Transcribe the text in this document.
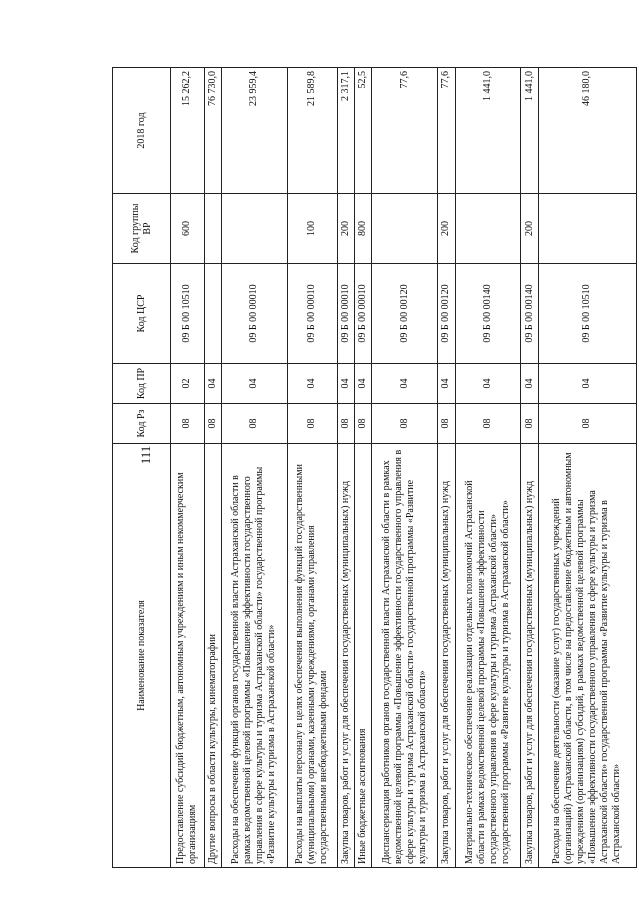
111
Наименование показателя	Код Рз	Код ПР	Код ЦСР	Код группы ВР	2018 год
Предоставление субсидий бюджетным, автономным учреждениям и иным некоммерческим организациям	08	02	09 Б 00 10510	600	15 262,2
Другие вопросы в области культуры, кинематографии	08	04			76 730,0
Расходы на обеспечение функций органов государственной власти Астраханской области в рамках ведомственной целевой программы «Повышение эффективности государственного управления в сфере культуры и туризма Астраханской области» государственной программы «Развитие культуры и туризма в Астраханской области»	08	04	09 Б 00 00010		23 959,4
Расходы на выплаты персоналу в целях обеспечения выполнения функций государственными (муниципальными) органами, казенными учреждениями, органами управления государственными внебюджетными фондами	08	04	09 Б 00 00010	100	21 589,8
Закупка товаров, работ и услуг для обеспечения государственных (муниципальных) нужд	08	04	09 Б 00 00010	200	2 317,1
Иные бюджетные ассигнования	08	04	09 Б 00 00010	800	52,5
Диспансеризация работников органов государственной власти Астраханской области в рамках ведомственной целевой программы «Повышение эффективности государственного управления в сфере культуры и туризма Астраханской области» государственной программы «Развитие культуры и туризма в Астраханской области»	08	04	09 Б 00 00120		77,6
Закупка товаров, работ и услуг для обеспечения государственных (муниципальных) нужд	08	04	09 Б 00 00120	200	77,6
Материально-техническое обеспечение реализации отдельных полномочий Астраханской области в рамках ведомственной целевой программы «Повышение эффективности государственного управления в сфере культуры и туризма Астраханской области» государственной программы «Развитие культуры и туризма в Астраханской области»	08	04	09 Б 00 00140		1 441,0
Закупка товаров, работ и услуг для обеспечения государственных (муниципальных) нужд	08	04	09 Б 00 00140	200	1 441,0
Расходы на обеспечение деятельности (оказание услуг) государственных учреждений (организаций) Астраханской области, в том числе на предоставление бюджетным и автономным учреждениям (организациям) субсидий, в рамках ведомственной целевой программы «Повышение эффективности государственного управления в сфере культуры и туризма Астраханской области» государственной программы «Развитие культуры и туризма в Астраханской области»	08	04	09 Б 00 10510		46 180,0
